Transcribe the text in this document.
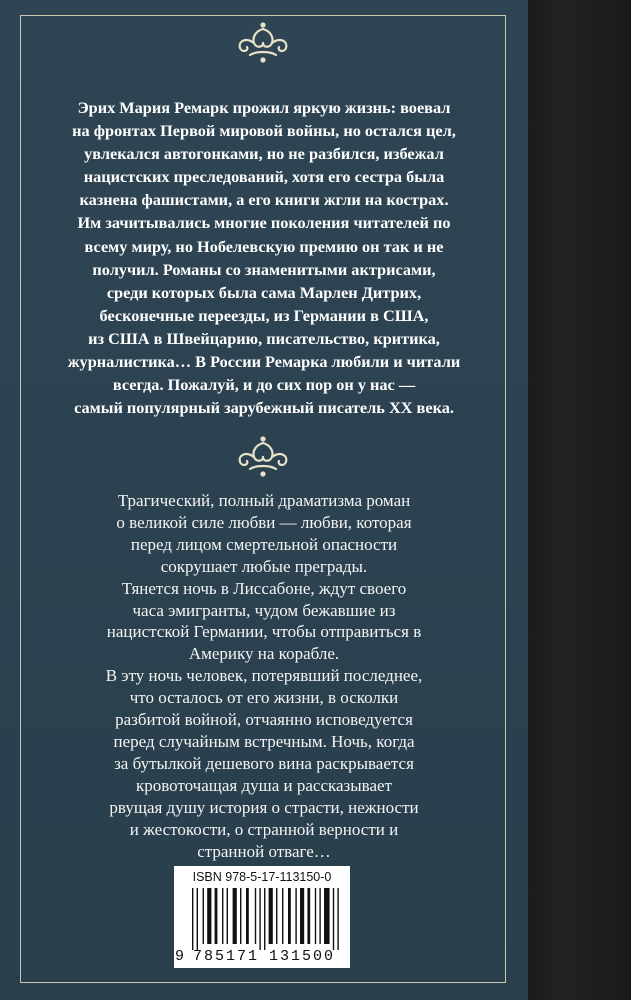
Эрих Мария Ремарк прожил яркую жизнь: воевал
на фронтах Первой мировой войны, но остался цел,
увлекался автогонками, но не разбился, избежал
нацистских преследований, хотя его сестра была
казнена фашистами, а его книги жгли на кострах.
Им зачитывались многие поколения читателей по
всему миру, но Нобелевскую премию он так и не
получил. Романы со знаменитыми актрисами,
среди которых была сама Марлен Дитрих,
бесконечные переезды, из Германии в США,
из США в Швейцарию, писательство, критика,
журналистика… В России Ремарка любили и читали
всегда. Пожалуй, и до сих пор он у нас —
самый популярный зарубежный писатель XX века.
Трагический, полный драматизма роман
о великой силе любви — любви, которая
перед лицом смертельной опасности
сокрушает любые преграды.
Тянется ночь в Лиссабоне, ждут своего
часа эмигранты, чудом бежавшие из
нацистской Германии, чтобы отправиться в
Америку на корабле.
В эту ночь человек, потерявший последнее,
что осталось от его жизни, в осколки
разбитой войной, отчаянно исповедуется
перед случайным встречным. Ночь, когда
за бутылкой дешевого вина раскрывается
кровоточащая душа и рассказывает
рвущая душу история о страсти, нежности
и жестокости, о странной верности и
странной отваге…
ISBN 978-5-17-113150-0
9 785171 131500
